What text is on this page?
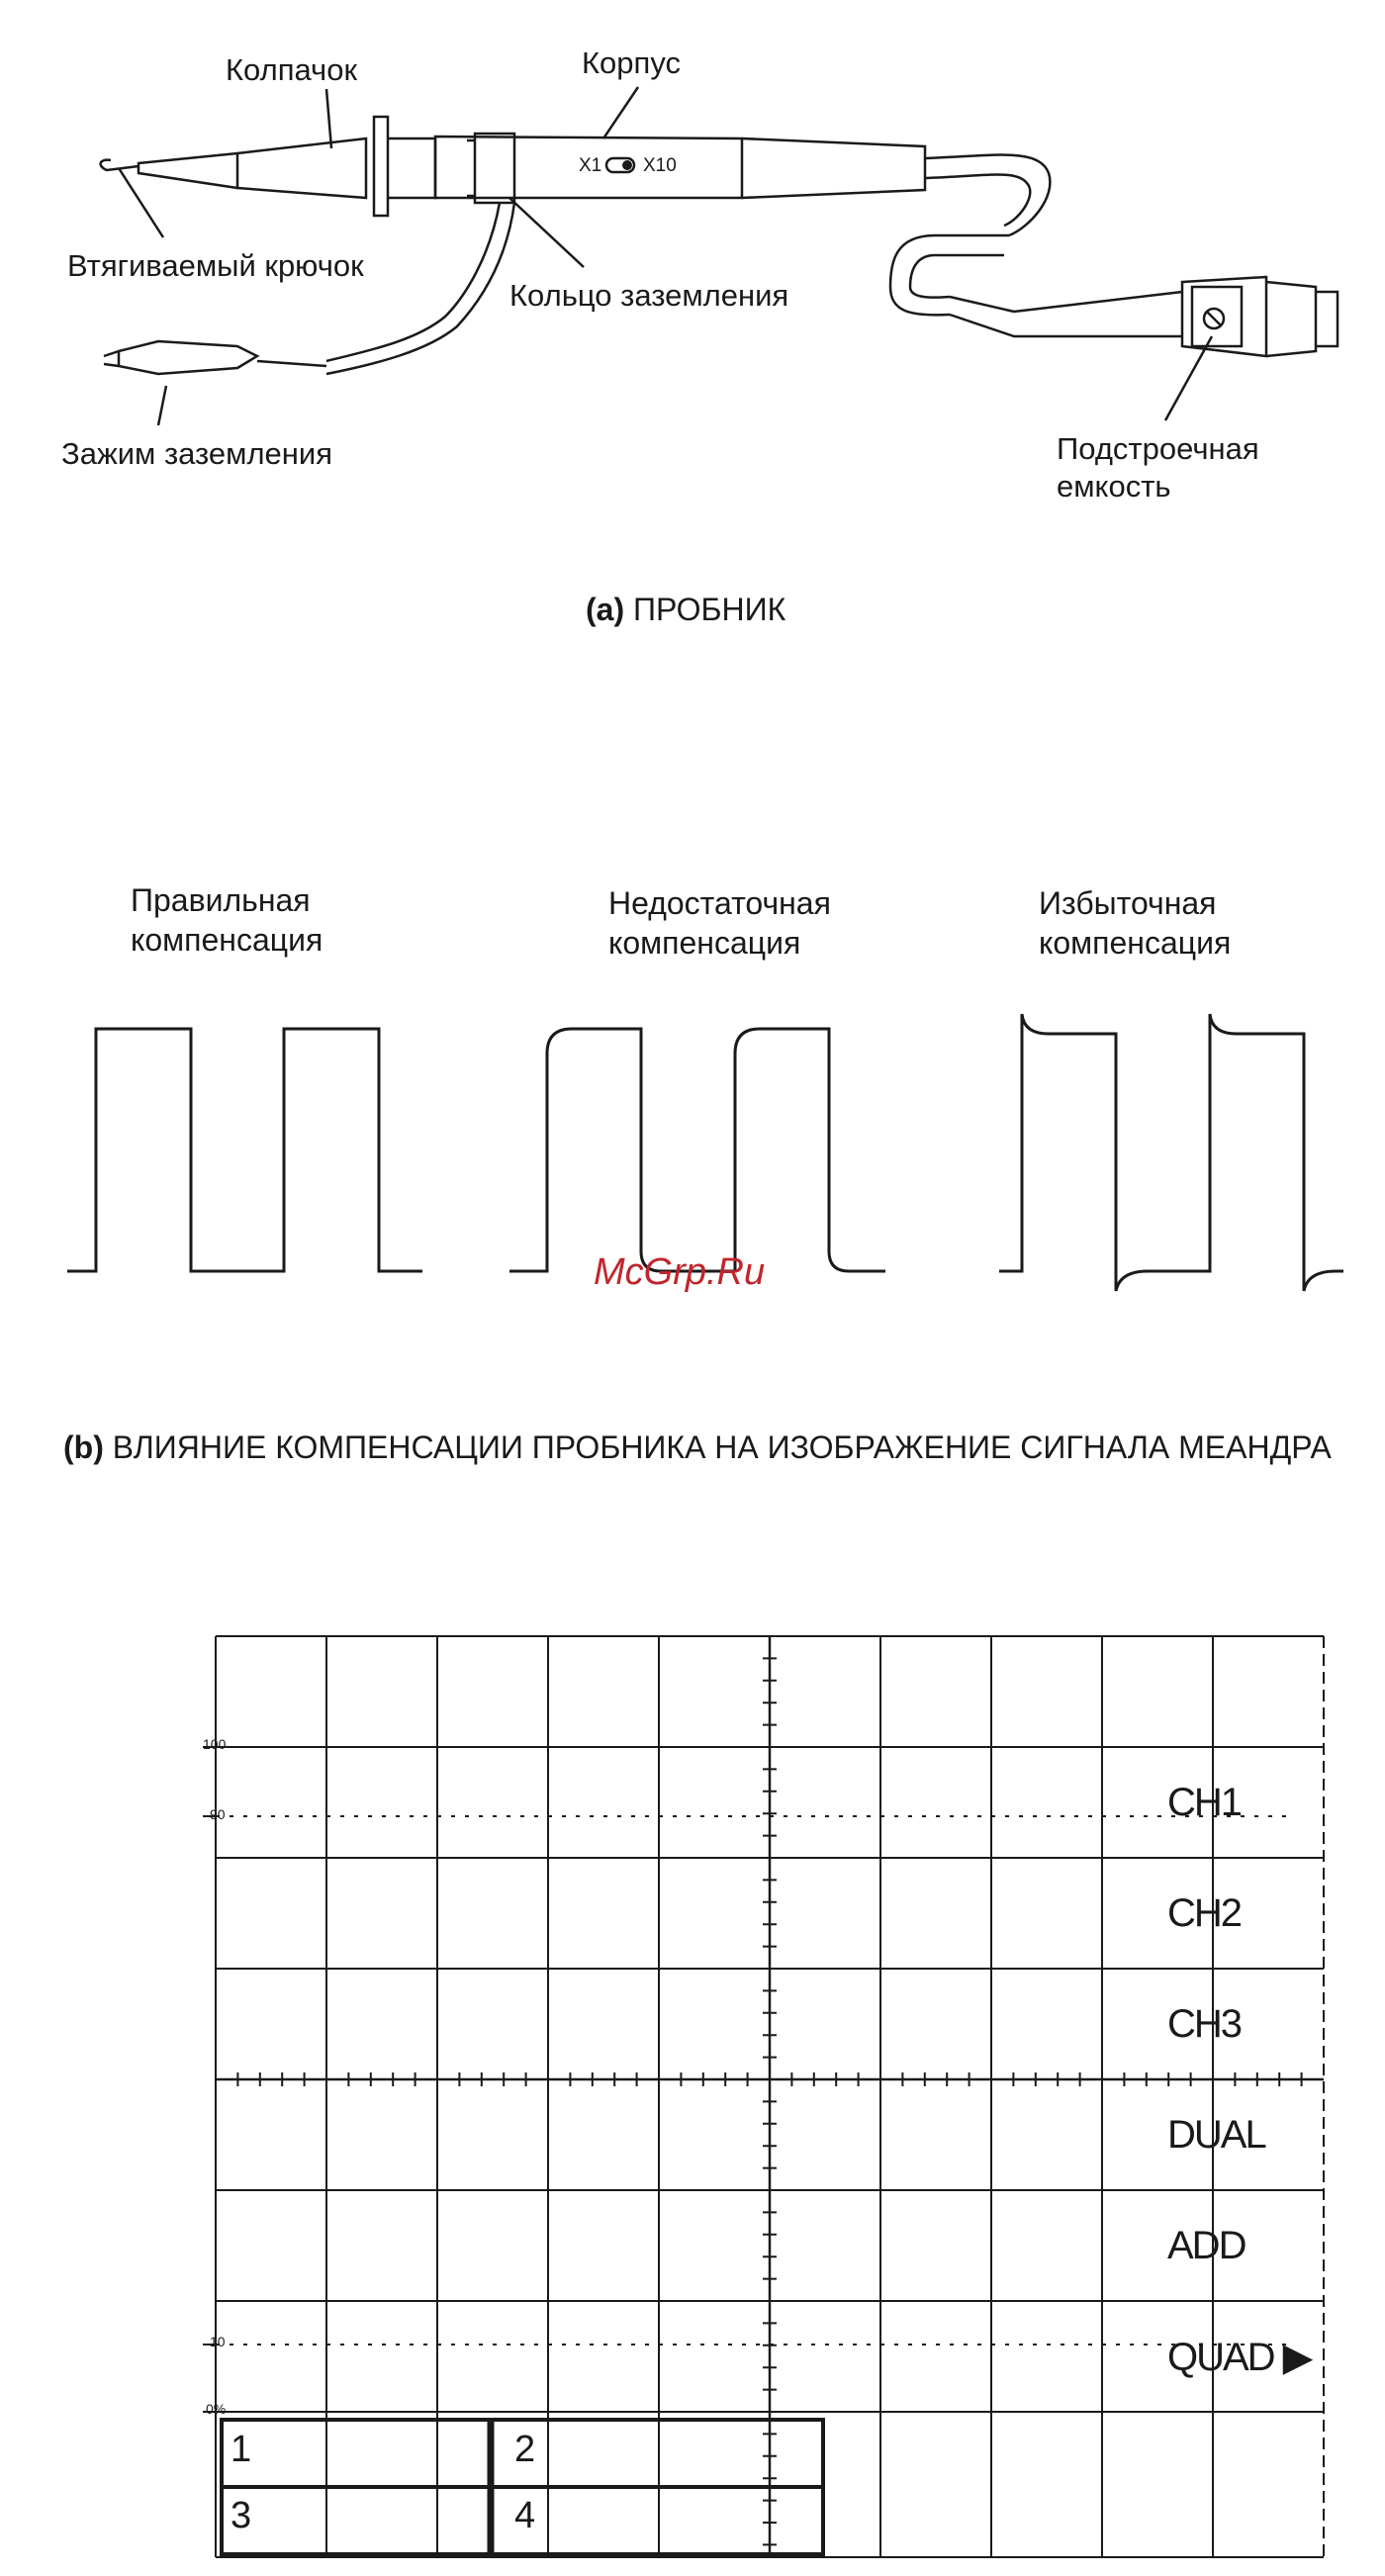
Колпачок	Корпус
Втягиваемый крючок
Кольцо заземления
Зажим заземления	Подстроечная
емкость
X1 X10
(a) ПРОБНИК
Правильная
компенсация
Недостаточная
компенсация
Избыточная
компенсация
McGrp.Ru
(b) ВЛИЯНИЕ КОМПЕНСАЦИИ ПРОБНИКА НА ИЗОБРАЖЕНИЕ СИГНАЛА МЕАНДРА
100
90
10
0%
CH1
CH2
CH3
DUAL
ADD
QUAD ▶
1	2
3	4
